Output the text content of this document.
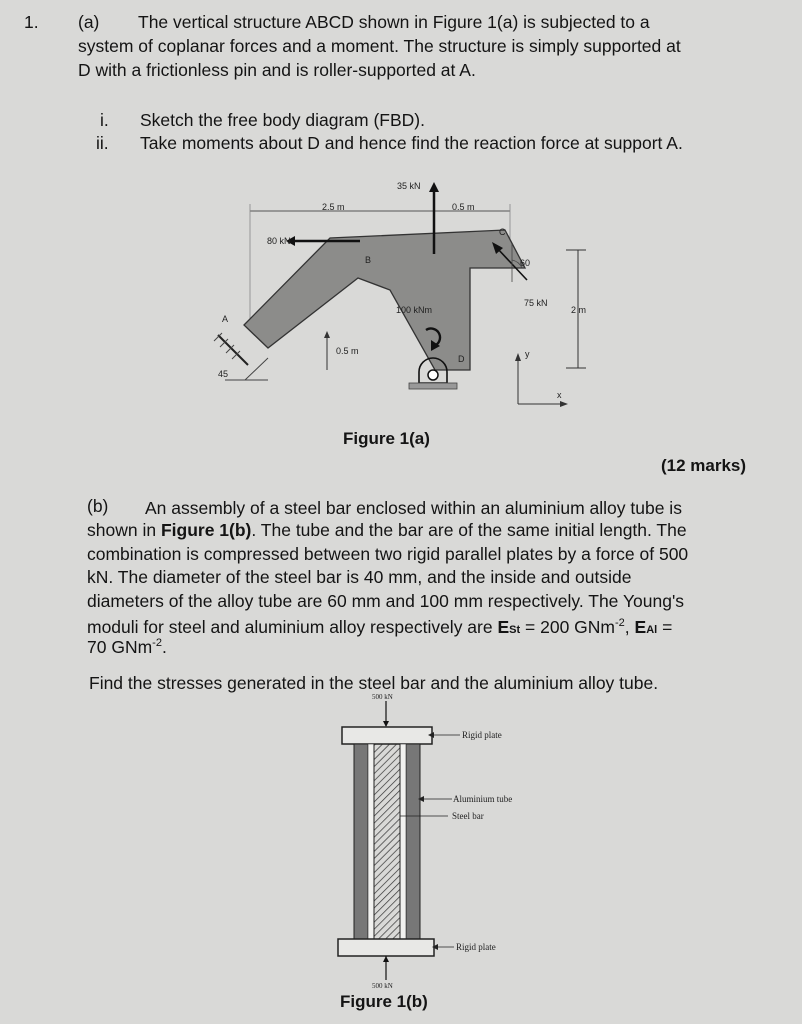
1. (a) The vertical structure ABCD shown in Figure 1(a) is subjected to a
system of coplanar forces and a moment. The structure is simply supported at
D with a frictionless pin and is roller-supported at A.
i. Sketch the free body diagram (FBD).
ii. Take moments about D and hence find the reaction force at support A.
2.5 m	0.5 m
35 kN
80 kN
B
C
D
A
60
75 kN
2 m
100 kNm
45
0.5 m	y
x
Figure 1(a)
(12 marks)
(b) An assembly of a steel bar enclosed within an aluminium alloy tube is
shown in Figure 1(b). The tube and the bar are of the same initial length. The
combination is compressed between two rigid parallel plates by a force of 500
kN. The diameter of the steel bar is 40 mm, and the inside and outside
diameters of the alloy tube are 60 mm and 100 mm respectively. The Young's
moduli for steel and aluminium alloy respectively are ESt = 200 GNm$^{-2}$, EAl =
70 GNm$^{-2}$.
Find the stresses generated in the steel bar and the aluminium alloy tube.
500 kN
500 kN
Rigid plate
Aluminium tube
Steel bar
Rigid plate
Figure 1(b)
